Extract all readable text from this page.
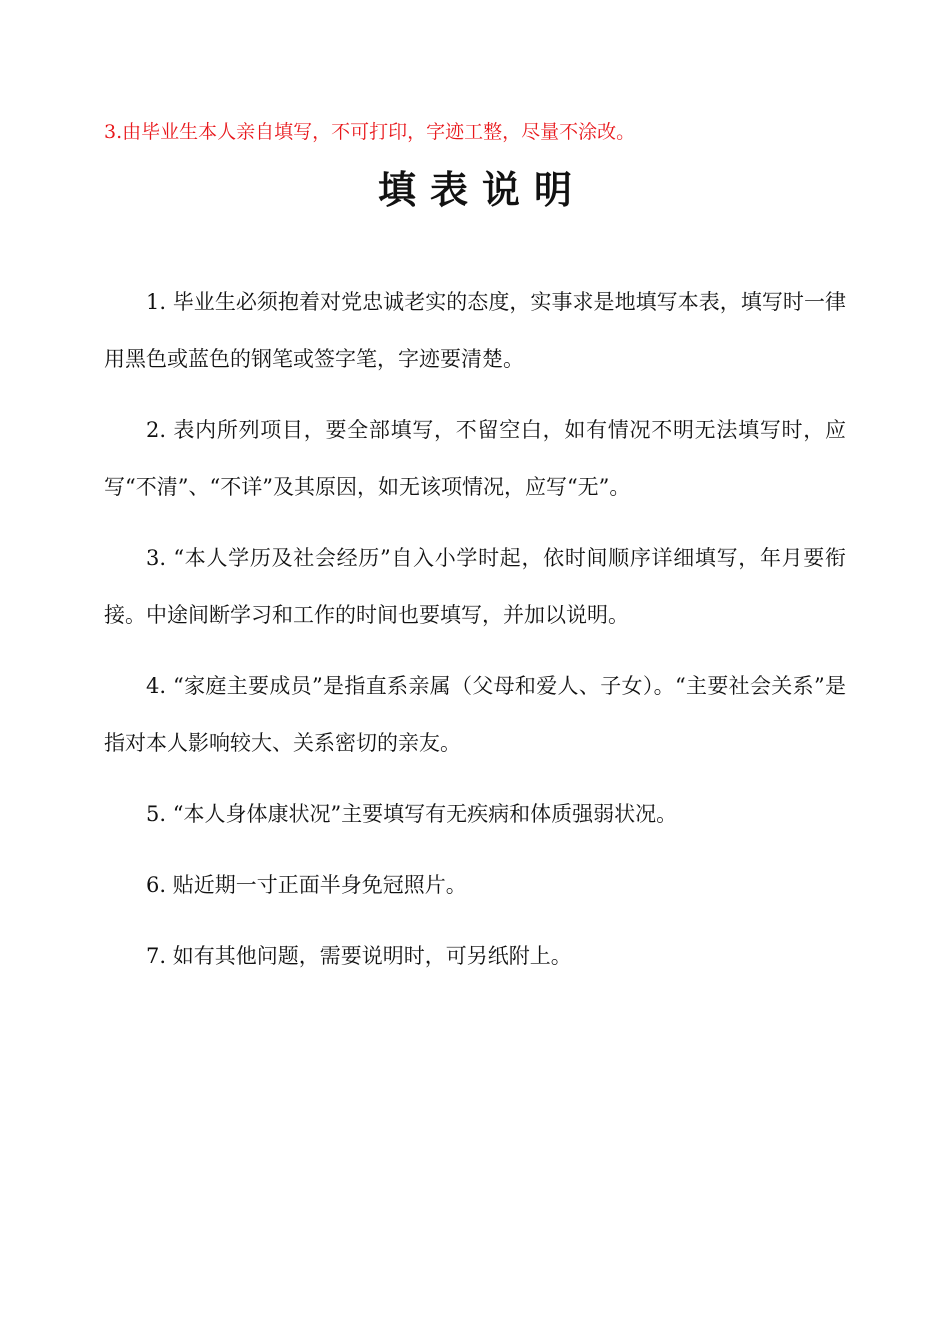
3.由毕业生本人亲自填写，不可打印，字迹工整，尽量不涂改。
填表说明

1. 毕业生必须抱着对党忠诚老实的态度，实事求是地填写本表，填写时一律用黑色或蓝色的钢笔或签字笔，字迹要清楚。

2. 表内所列项目，要全部填写，不留空白，如有情况不明无法填写时，应写“不清”、“不详”及其原因，如无该项情况，应写“无”。

3. “本人学历及社会经历”自入小学时起，依时间顺序详细填写，年月要衔接。中途间断学习和工作的时间也要填写，并加以说明。

4. “家庭主要成员”是指直系亲属（父母和爱人、子女）。“主要社会关系”是指对本人影响较大、关系密切的亲友。

5. “本人身体康状况”主要填写有无疾病和体质强弱状况。

6. 贴近期一寸正面半身免冠照片。

7. 如有其他问题，需要说明时，可另纸附上。
